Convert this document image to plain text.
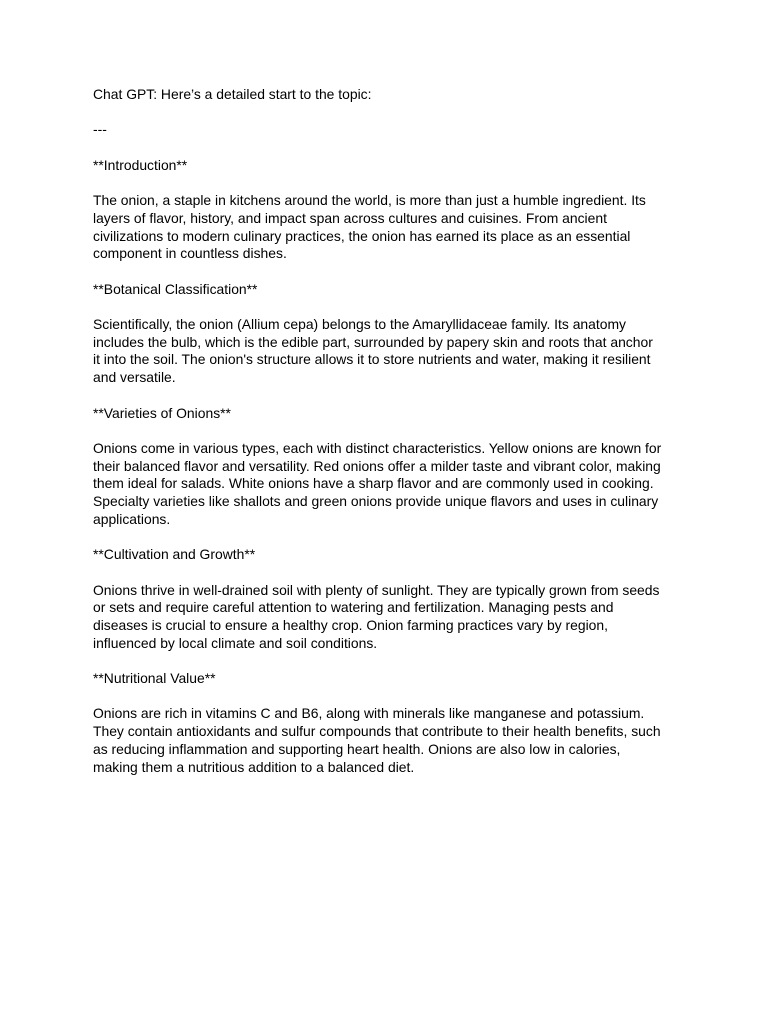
Chat GPT: Here’s a detailed start to the topic:

---

**Introduction**

The onion, a staple in kitchens around the world, is more than just a humble ingredient. Its
layers of flavor, history, and impact span across cultures and cuisines. From ancient
civilizations to modern culinary practices, the onion has earned its place as an essential
component in countless dishes.

**Botanical Classification**

Scientifically, the onion (Allium cepa) belongs to the Amaryllidaceae family. Its anatomy
includes the bulb, which is the edible part, surrounded by papery skin and roots that anchor
it into the soil. The onion's structure allows it to store nutrients and water, making it resilient
and versatile.

**Varieties of Onions**

Onions come in various types, each with distinct characteristics. Yellow onions are known for
their balanced flavor and versatility. Red onions offer a milder taste and vibrant color, making
them ideal for salads. White onions have a sharp flavor and are commonly used in cooking.
Specialty varieties like shallots and green onions provide unique flavors and uses in culinary
applications.

**Cultivation and Growth**

Onions thrive in well-drained soil with plenty of sunlight. They are typically grown from seeds
or sets and require careful attention to watering and fertilization. Managing pests and
diseases is crucial to ensure a healthy crop. Onion farming practices vary by region,
influenced by local climate and soil conditions.

**Nutritional Value**

Onions are rich in vitamins C and B6, along with minerals like manganese and potassium.
They contain antioxidants and sulfur compounds that contribute to their health benefits, such
as reducing inflammation and supporting heart health. Onions are also low in calories,
making them a nutritious addition to a balanced diet.
